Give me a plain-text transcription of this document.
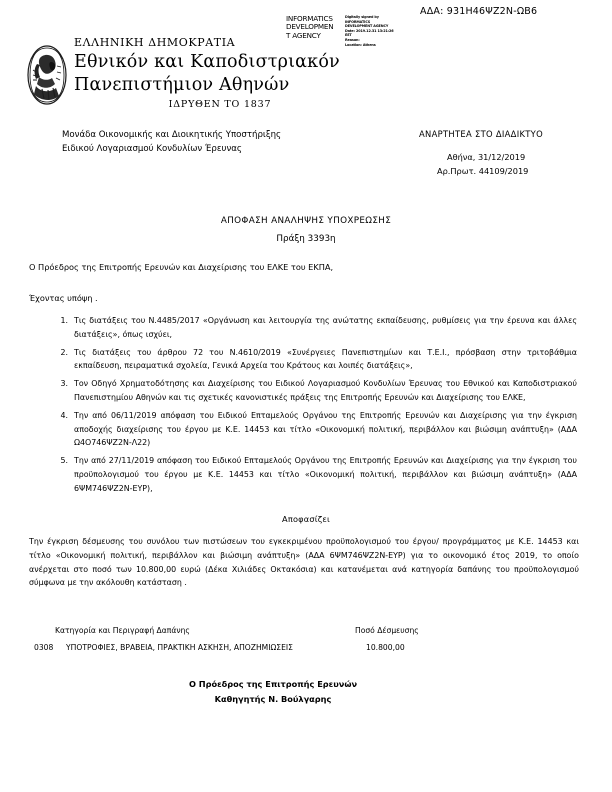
ΑΔΑ: 931Η46ΨΖ2Ν-ΩΒ6
INFORMATICS
DEVELOPMEN
T AGENCY
Digitally signed by
INFORMATICS
DEVELOPMENT AGENCY
Date: 2019.12.31 13:21:26
EET
Reason:
Location: Athens
ΕΛΛΗΝΙΚΗ ΔΗΜΟΚΡΑΤΙΑ
Εθνικόν και Καποδιστριακόν
Πανεπιστήμιον Αθηνών
ΙΔΡΥΘΕΝ ΤΟ 1837
Μονάδα Οικονομικής και Διοικητικής Υποστήριξης
Ειδικού Λογαριασμού Κονδυλίων Έρευνας
ΑΝΑΡΤΗΤΕΑ ΣΤΟ ΔΙΑΔΙΚΤΥΟ
Αθήνα, 31/12/2019
Αρ.Πρωτ. 44109/2019
ΑΠΟΦΑΣΗ ΑΝΑΛΗΨΗΣ ΥΠΟΧΡΕΩΣΗΣ
Πράξη 3393η
Ο Πρόεδρος της Επιτροπής Ερευνών και Διαχείρισης του ΕΛΚΕ του ΕΚΠΑ,
Έχοντας υπόψη .
1. Τις διατάξεις του Ν.4485/2017 «Οργάνωση και λειτουργία της ανώτατης εκπαίδευσης, ρυθμίσεις για την έρευνα και άλλες διατάξεις», όπως ισχύει,
2. Τις διατάξεις του άρθρου 72 του Ν.4610/2019 «Συνέργειες Πανεπιστημίων και Τ.Ε.Ι., πρόσβαση στην τριτοβάθμια εκπαίδευση, πειραματικά σχολεία, Γενικά Αρχεία του Κράτους και λοιπές διατάξεις»,
3. Τον Οδηγό Χρηματοδότησης και Διαχείρισης του Ειδικού Λογαριασμού Κονδυλίων Έρευνας του Εθνικού και Καποδιστριακού Πανεπιστημίου Αθηνών και τις σχετικές κανονιστικές πράξεις της Επιτροπής Ερευνών και Διαχείρισης του ΕΛΚΕ,
4. Την από 06/11/2019 απόφαση του Ειδικού Επταμελούς Οργάνου της Επιτροπής Ερευνών και Διαχείρισης για την έγκριση αποδοχής διαχείρισης του έργου με Κ.Ε. 14453 και τίτλο «Οικονομική πολιτική, περιβάλλον και βιώσιμη ανάπτυξη» (ΑΔΑ Ω4Ο746ΨΖ2Ν-Λ22)
5. Την από 27/11/2019 απόφαση του Ειδικού Επταμελούς Οργάνου της Επιτροπής Ερευνών και Διαχείρισης για την έγκριση του προϋπολογισμού του έργου με Κ.Ε. 14453 και τίτλο «Οικονομική πολιτική, περιβάλλον και βιώσιμη ανάπτυξη» (ΑΔΑ 6ΨΜ746ΨΖ2Ν-ΕΥΡ),
Αποφασίζει
Την έγκριση δέσμευσης του συνόλου των πιστώσεων του εγκεκριμένου προϋπολογισμού του έργου/ προγράμματος με Κ.Ε. 14453 και τίτλο «Οικονομική πολιτική, περιβάλλον και βιώσιμη ανάπτυξη» (ΑΔΑ 6ΨΜ746ΨΖ2Ν-ΕΥΡ) για το οικονομικό έτος 2019, το οποίο ανέρχεται στο ποσό των 10.800,00 ευρώ (Δέκα Χιλιάδες Οκτακόσια) και κατανέμεται ανά κατηγορία δαπάνης του προϋπολογισμού σύμφωνα με την ακόλουθη κατάσταση .
Κατηγορία και Περιγραφή Δαπάνης	Ποσό Δέσμευσης
0308 ΥΠΟΤΡΟΦΙΕΣ, ΒΡΑΒΕΙΑ, ΠΡΑΚΤΙΚΗ ΑΣΚΗΣΗ, ΑΠΟΖΗΜΙΩΣΕΙΣ	10.800,00
Ο Πρόεδρος της Επιτροπής Ερευνών
Καθηγητής Ν. Βούλγαρης
